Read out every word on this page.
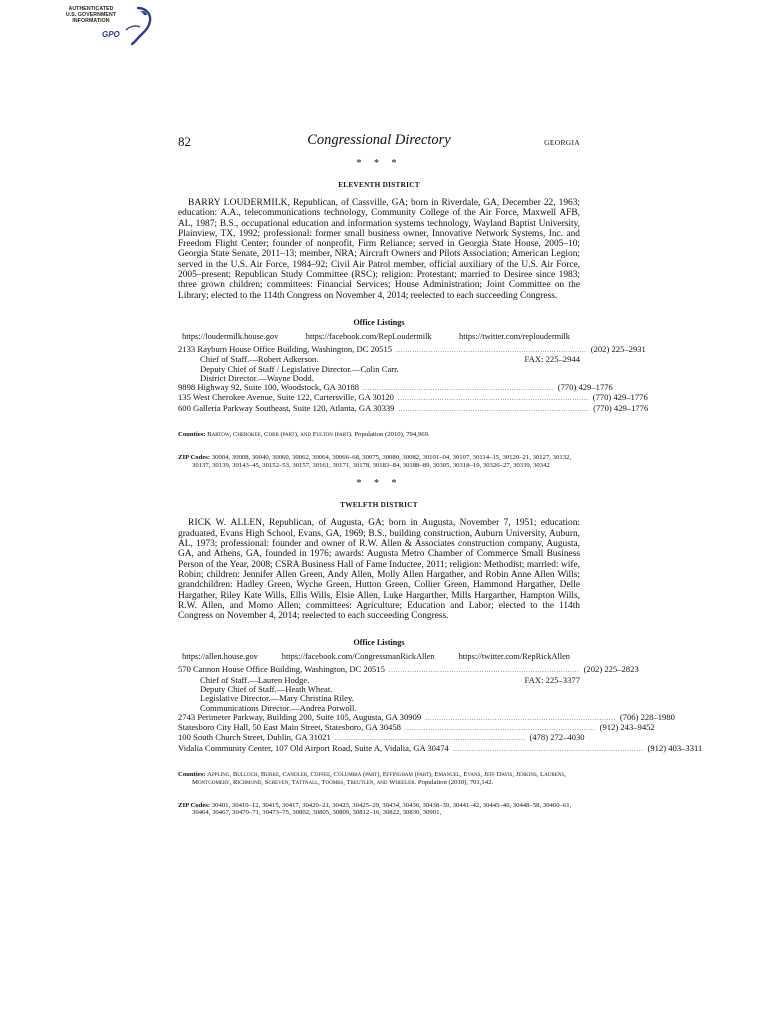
AUTHENTICATED
U.S. GOVERNMENT
INFORMATION
GPO
82	Congressional Directory	GEORGIA
* * *
ELEVENTH DISTRICT

BARRY LOUDERMILK, Republican, of Cassville, GA; born in Riverdale, GA, December 22, 1963; education: A.A., telecommunications technology, Community College of the Air Force, Maxwell AFB, AL, 1987; B.S., occupational education and information systems technology, Wayland Baptist University, Plainview, TX, 1992; professional: former small business owner, Innovative Network Systems, Inc. and Freedom Flight Center; founder of nonprofit, Firm Reliance; served in Georgia State House, 2005–10; Georgia State Senate, 2011–13; member, NRA; Aircraft Owners and Pilots Association; American Legion; served in the U.S. Air Force, 1984–92; Civil Air Patrol member, official auxiliary of the U.S. Air Force, 2005–present; Republican Study Committee (RSC); religion: Protestant; married to Desiree since 1983; three grown children; committees: Financial Services; House Administration; Joint Committee on the Library; elected to the 114th Congress on November 4, 2014; reelected to each succeeding Congress.

Office Listings
https://loudermilk.house.gov	https://facebook.com/RepLoudermilk	https://twitter.com/reploudermilk
2133 Rayburn House Office Building, Washington, DC 20515 .................................................................................. (202) 225–2931
Chief of Staff.—Robert Adkerson.	FAX: 225–2944
Deputy Chief of Staff / Legislative Director.—Colin Carr.
District Director.—Wayne Dodd.
9898 Highway 92, Suite 100, Woodstock, GA 30188 .................................................................................. (770) 429–1776
135 West Cherokee Avenue, Suite 122, Cartersville, GA 30120 .................................................................................. (770) 429–1776
600 Galleria Parkway Southeast, Suite 120, Atlanta, GA 30339 .................................................................................. (770) 429–1776
Counties: Bartow, Cherokee, Cobb (part), and Fulton (part). Population (2010), 794,969.
ZIP Codes: 30004, 30008, 30040, 30060, 30062, 30064, 30066–68, 30075, 30080, 30082, 30101–04, 30107, 30114–15, 30120–21, 30127, 30132, 30137, 30139, 30143–45, 30152–53, 30157, 30161, 30171, 30178, 30183–84, 30188–89, 30305, 30318–19, 30326–27, 30339, 30342
* * *
TWELFTH DISTRICT

RICK W. ALLEN, Republican, of Augusta, GA; born in Augusta, November 7, 1951; education: graduated, Evans High School, Evans, GA, 1969; B.S., building construction, Auburn University, Auburn, AL, 1973; professional: founder and owner of R.W. Allen & Associates construction company, Augusta, GA, and Athens, GA, founded in 1976; awards: Augusta Metro Chamber of Commerce Small Business Person of the Year, 2008; CSRA Business Hall of Fame Inductee, 2011; religion: Methodist; married: wife, Robin; children: Jennifer Allen Green, Andy Allen, Molly Allen Hargather, and Robin Anne Allen Wills; grandchildren: Hadley Green, Wyche Green, Hutton Green, Collier Green, Hammond Hargather, Delle Hargather, Riley Kate Wills, Ellis Wills, Elsie Allen, Luke Hargarther, Mills Hargarther, Hampton Wills, R.W. Allen, and Momo Allen; committees: Agriculture; Education and Labor; elected to the 114th Congress on November 4, 2014; reelected to each succeeding Congress.

Office Listings
https://allen.house.gov	https://facebook.com/CongressmanRickAllen	https://twitter.com/RepRickAllen
570 Cannon House Office Building, Washington, DC 20515 .................................................................................. (202) 225–2823
Chief of Staff.—Lauren Hodge.	FAX: 225–3377
Deputy Chief of Staff.—Heath Wheat.
Legislative Director.—Mary Christina Riley.
Communications Director.—Andrea Porwoll.
2743 Perimeter Parkway, Building 200, Suite 105, Augusta, GA 30909 .................................................................................. (706) 228–1980
Statesboro City Hall, 50 East Main Street, Statesboro, GA 30458 .................................................................................. (912) 243–9452
100 South Church Street, Dublin, GA 31021 .................................................................................. (478) 272–4030
Vidalia Community Center, 107 Old Airport Road, Suite A, Vidalia, GA 30474 .................................................................................. (912) 403–3311
Counties: Appling, Bulloch, Burke, Candler, Coffee, Columbia (part), Effingham (part), Emanuel, Evans, Jeff Davis, Jenkins, Laurens, Montgomery, Richmond, Screven, Tattnall, Toombs, Treutlen, and Wheeler. Population (2010), 701,142.
ZIP Codes: 30401, 30410–12, 30415, 30417, 30420–21, 30423, 30425–29, 30434, 30436, 30438–39, 30441–42, 30445–46, 30448–58, 30460–61, 30464, 30467, 30470–71, 30473–75, 30802, 30805, 30809, 30812–16, 30822, 30830, 30901,
